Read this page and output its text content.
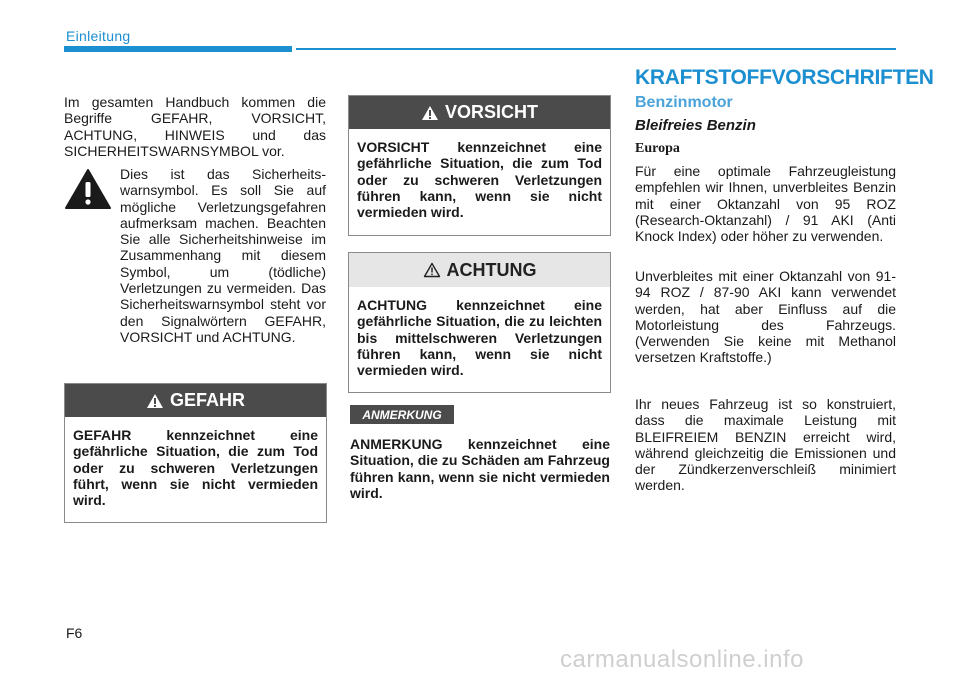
Einleitung
Im gesamten Handbuch kommen die Begriffe GEFAHR, VORSICHT, ACHTUNG, HINWEIS und das SICHERHEITSWARNSYMBOL vor.
Dies ist das Sicherheitswarnsymbol. Es soll Sie auf mögliche Verletzungsgefahren aufmerksam machen. Beachten Sie alle Sicherheitshinweise im Zusammenhang mit diesem Symbol, um (tödliche) Verletzungen zu vermeiden. Das Sicherheitswarnsymbol steht vor den Signalwörtern GEFAHR, VORSICHT und ACHTUNG.
GEFAHR
GEFAHR kennzeichnet eine gefährliche Situation, die zum Tod oder zu schweren Verletzungen führt, wenn sie nicht vermieden wird.
VORSICHT
VORSICHT kennzeichnet eine gefährliche Situation, die zum Tod oder zu schweren Verletzungen führen kann, wenn sie nicht vermieden wird.
ACHTUNG
ACHTUNG kennzeichnet eine gefährliche Situation, die zu leichten bis mittelschweren Verletzungen führen kann, wenn sie nicht vermieden wird.
ANMERKUNG
ANMERKUNG kennzeichnet eine Situation, die zu Schäden am Fahrzeug führen kann, wenn sie nicht vermieden wird.
KRAFTSTOFFVORSCHRIFTEN
Benzinmotor
Bleifreies Benzin
Europa
Für eine optimale Fahrzeugleistung empfehlen wir Ihnen, unverbleites Benzin mit einer Oktanzahl von 95 ROZ (Research-Oktanzahl) / 91 AKI (Anti Knock Index) oder höher zu verwenden.
Unverbleites mit einer Oktanzahl von 91-94 ROZ / 87-90 AKI kann verwendet werden, hat aber Einfluss auf die Motorleistung des Fahrzeugs. (Verwenden Sie keine mit Methanol versetzen Kraftstoffe.)
Ihr neues Fahrzeug ist so konstruiert, dass die maximale Leistung mit BLEIFREIEM BENZIN erreicht wird, während gleichzeitig die Emissionen und der Zündkerzenverschleiß minimiert werden.
F6
carmanualsonline.info
